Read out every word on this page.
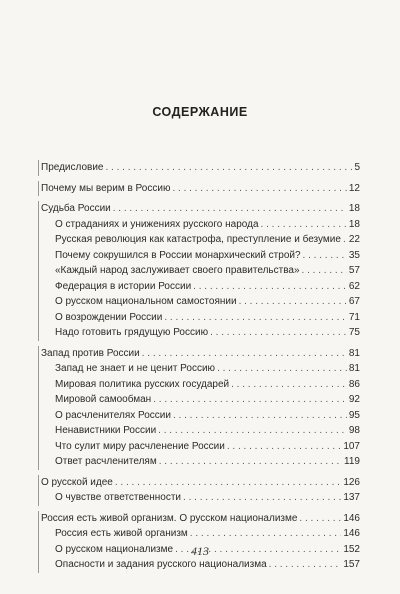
СОДЕРЖАНИЕ
Предисловие . . .	5
Почему мы верим в Россию . . .	12
Судьба России . . .	18
О страданиях и унижениях русского народа . . .	18
Русская революция как катастрофа, преступление и безумие . . . 22
Почему сокрушился в России монархический строй? . . .	35
«Каждый народ заслуживает своего правительства» . . .	57
Федерация в истории России . . .	62
О русском национальном самостоянии . . .	67
О возрождении России . . .	71
Надо готовить грядущую Россию . . .	75
Запад против России . . .	81
Запад не знает и не ценит Россию . . .	81
Мировая политика русских государей . . .	86
Мировой самообман . . .	92
О расчленителях России . . .	95
Ненавистники России . . .	98
Что сулит миру расчленение России . . .	107
Ответ расчленителям . . .	119
О русской идее . . .	126
О чувстве ответственности . . .	137
Россия есть живой организм. О русском национализме . . .	146
Россия есть живой организм . . .	146
О русском национализме . . .	152
Опасности и задания русского национализма . . .	157
413
